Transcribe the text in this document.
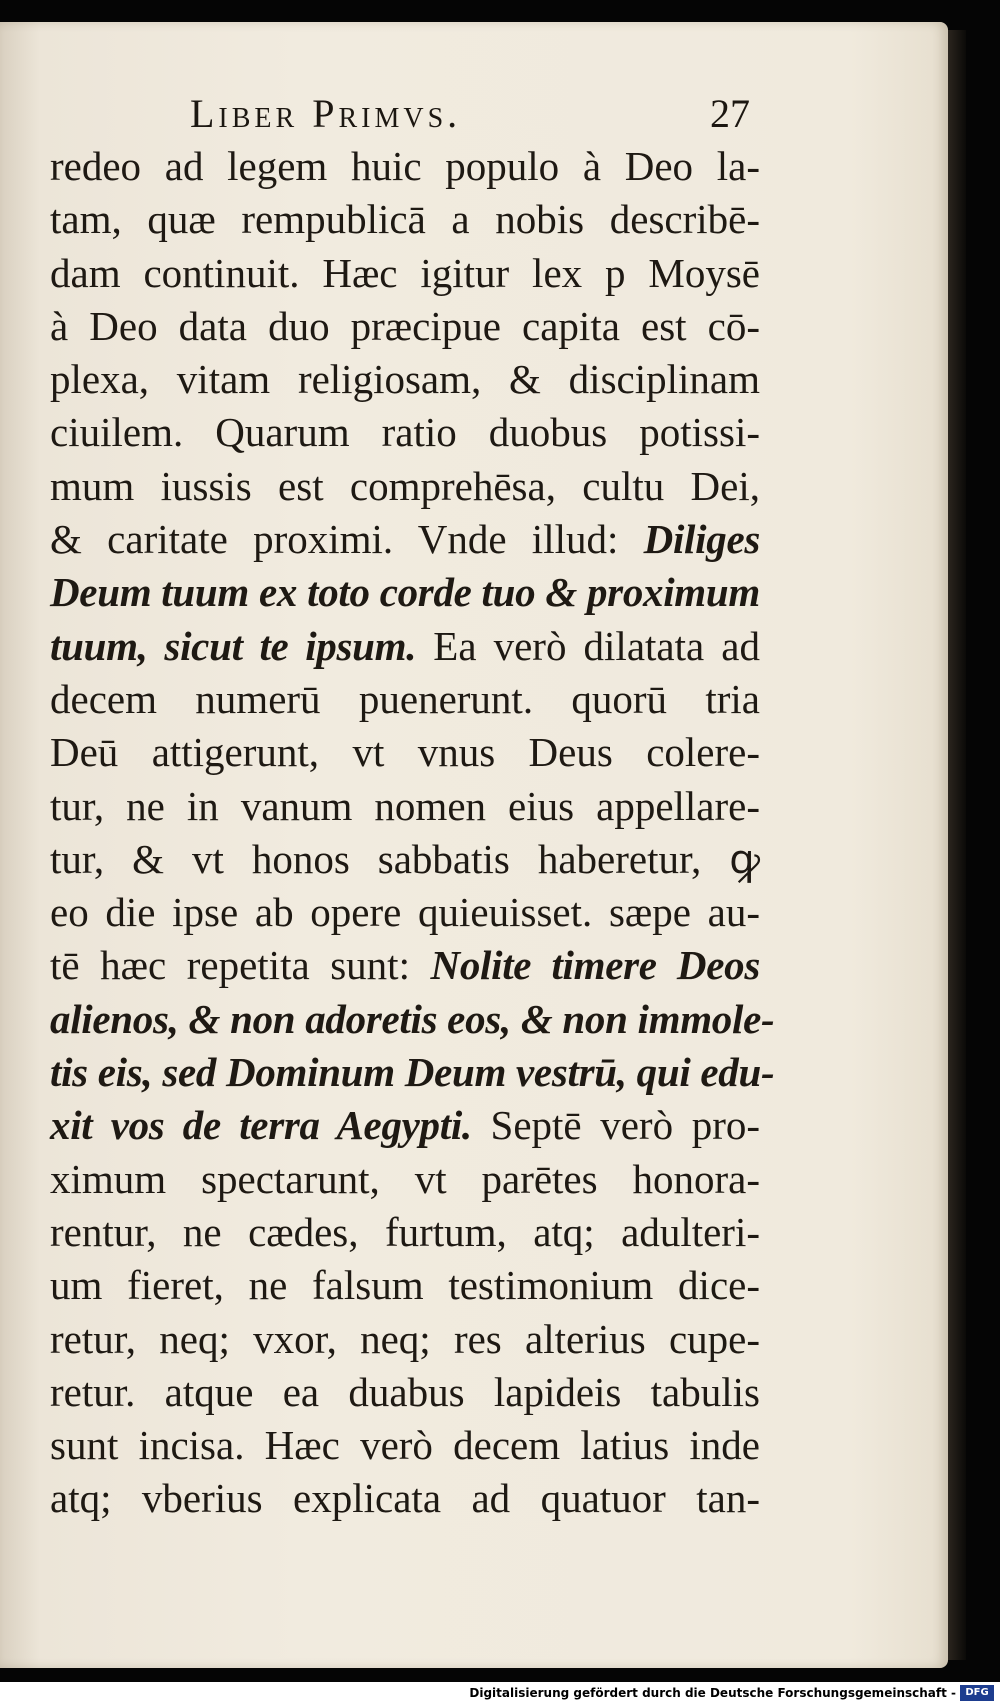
Liber Primvs.	27
redeo ad legem huic populo à Deo la-
tam, quæ rempublicā a nobis describē-
dam continuit. Hæc igitur lex p Moysē
à Deo data duo præcipue capita est cō-
plexa, vitam religiosam, & disciplinam
ciuilem. Quarum ratio duobus potissi-
mum iussis est comprehēsa, cultu Dei,
& caritate proximi. Vnde illud: Diliges
Deum tuum ex toto corde tuo & proximum
tuum, sicut te ipsum. Ea verò dilatata ad
decem numerū puenerunt. quorū tria
Deū attigerunt, vt vnus Deus colere-
tur, ne in vanum nomen eius appellare-
tur, & vt honos sabbatis haberetur, ꝙ
eo die ipse ab opere quieuisset. sæpe au-
tē hæc repetita sunt: Nolite timere Deos
alienos, & non adoretis eos, & non immole-
tis eis, sed Dominum Deum vestrū, qui edu-
xit vos de terra Aegypti. Septē verò pro-
ximum spectarunt, vt parētes honora-
rentur, ne cædes, furtum, atq; adulteri-
um fieret, ne falsum testimonium dice-
retur, neq; vxor, neq; res alterius cupe-
retur. atque ea duabus lapideis tabulis
sunt incisa. Hæc verò decem latius inde
atq; vberius explicata ad quatuor tan-
Digitalisierung gefördert durch die Deutsche Forschungsgemeinschaft - DFG
